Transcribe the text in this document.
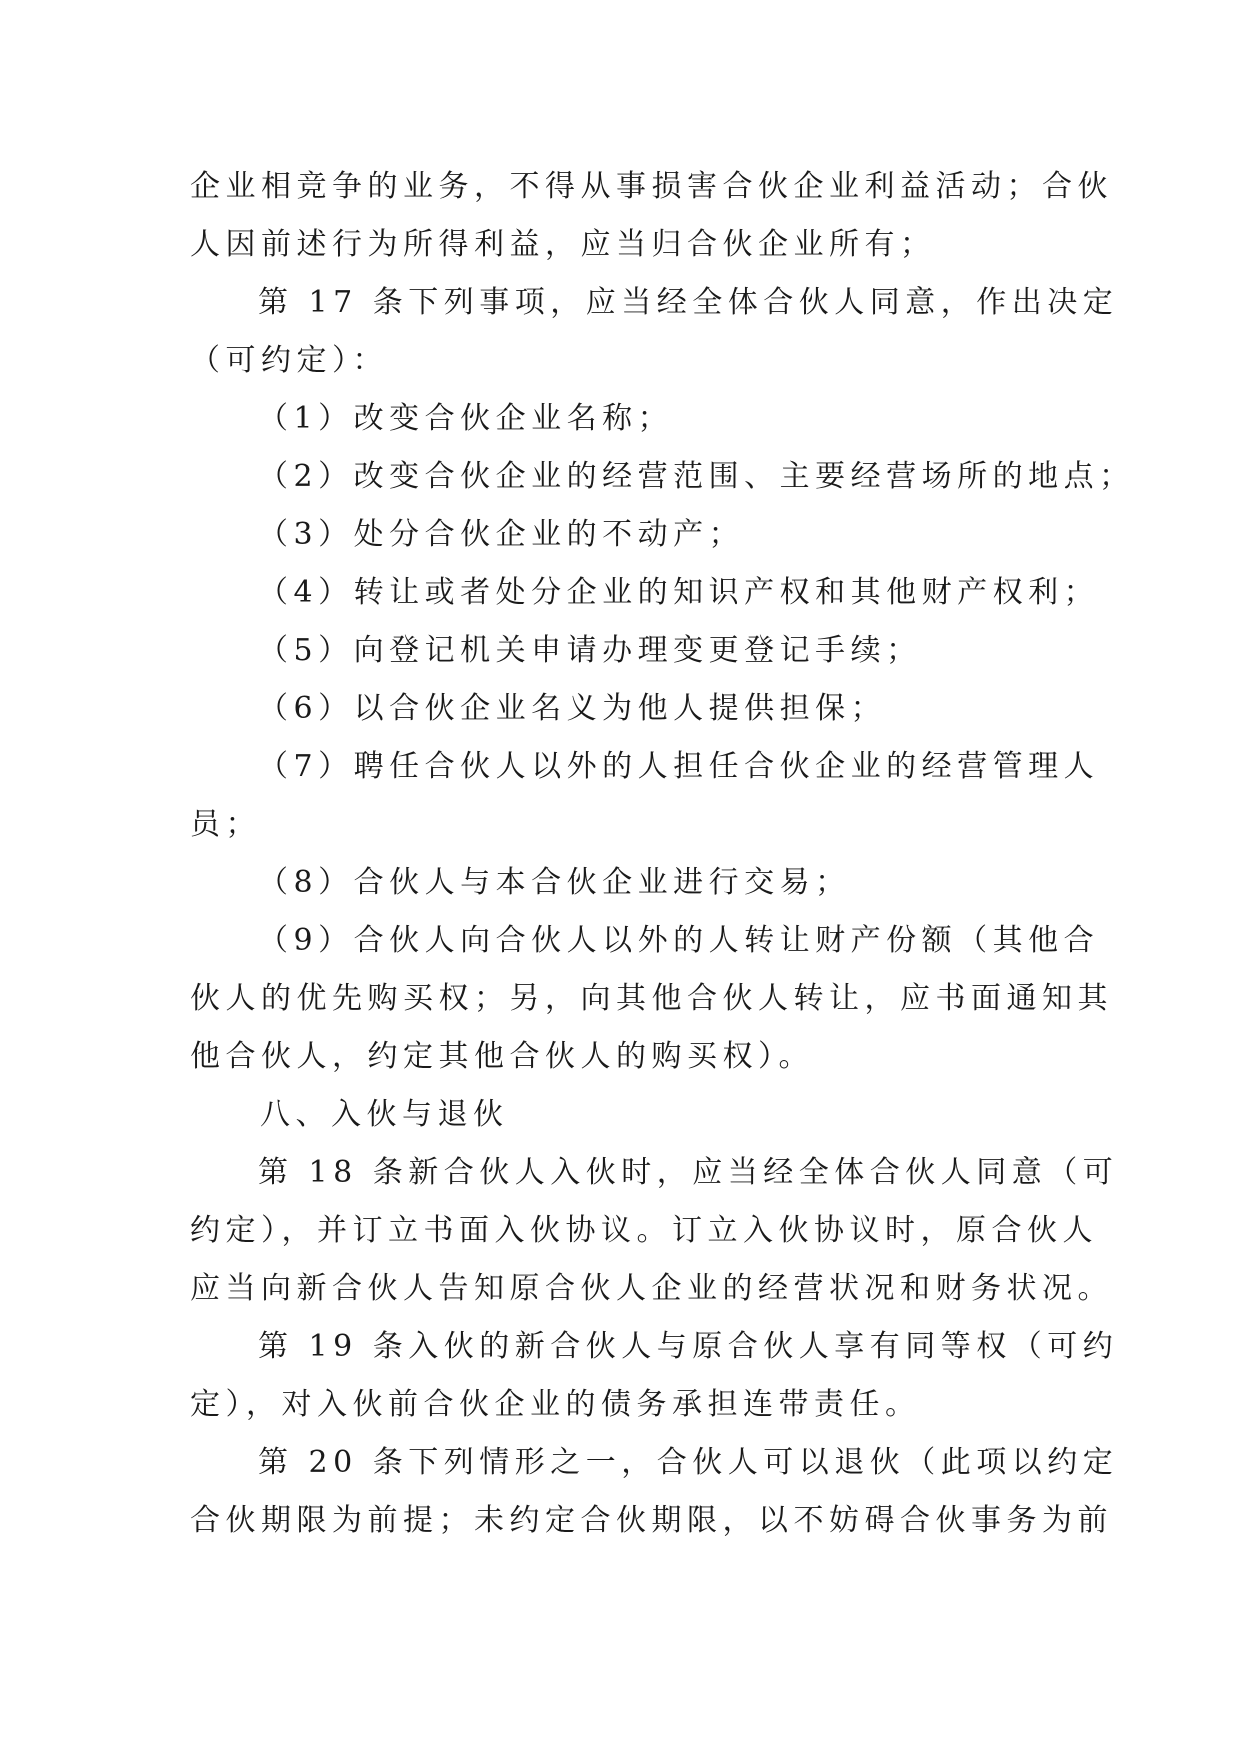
企业相竞争的业务，不得从事损害合伙企业利益活动；合伙
人因前述行为所得利益，应当归合伙企业所有；
第 17 条下列事项，应当经全体合伙人同意，作出决定
（可约定）：
（1）改变合伙企业名称；
（2）改变合伙企业的经营范围、主要经营场所的地点；
（3）处分合伙企业的不动产；
（4）转让或者处分企业的知识产权和其他财产权利；
（5）向登记机关申请办理变更登记手续；
（6）以合伙企业名义为他人提供担保；
（7）聘任合伙人以外的人担任合伙企业的经营管理人
员；
（8）合伙人与本合伙企业进行交易；
（9）合伙人向合伙人以外的人转让财产份额（其他合
伙人的优先购买权；另，向其他合伙人转让，应书面通知其
他合伙人，约定其他合伙人的购买权）。
八、入伙与退伙
第 18 条新合伙人入伙时，应当经全体合伙人同意（可
约定），并订立书面入伙协议。订立入伙协议时，原合伙人
应当向新合伙人告知原合伙人企业的经营状况和财务状况。
第 19 条入伙的新合伙人与原合伙人享有同等权（可约
定），对入伙前合伙企业的债务承担连带责任。
第 20 条下列情形之一，合伙人可以退伙（此项以约定
合伙期限为前提；未约定合伙期限，以不妨碍合伙事务为前
